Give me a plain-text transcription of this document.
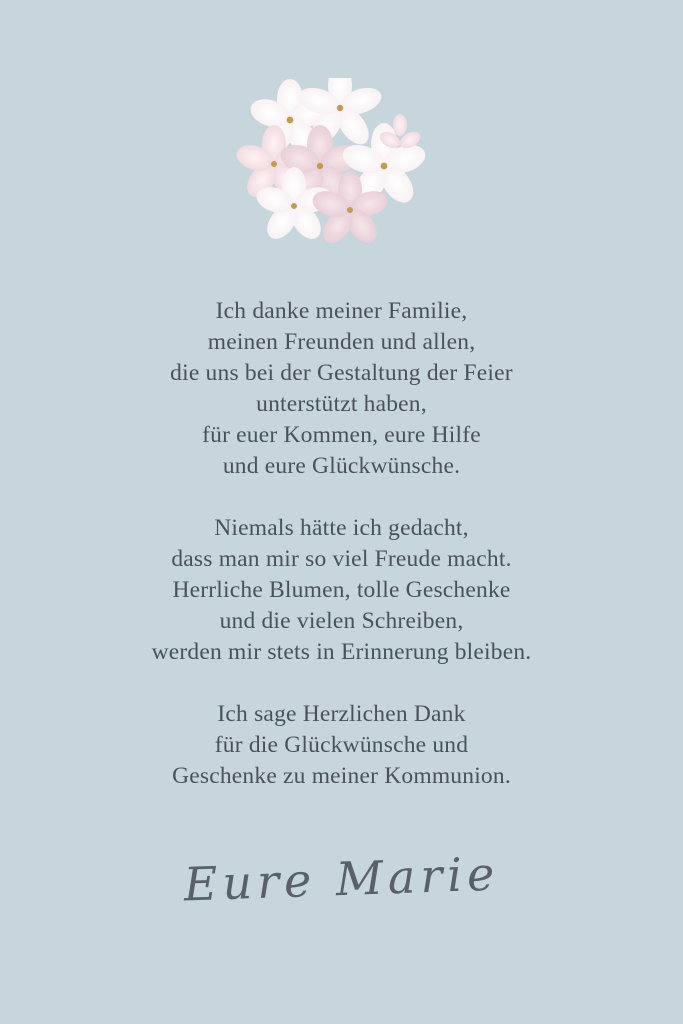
Ich danke meiner Familie,
meinen Freunden und allen,
die uns bei der Gestaltung der Feier
unterstützt haben,
für euer Kommen, eure Hilfe
und eure Glückwünsche.

Niemals hätte ich gedacht,
dass man mir so viel Freude macht.
Herrliche Blumen, tolle Geschenke
und die vielen Schreiben,
werden mir stets in Erinnerung bleiben.

Ich sage Herzlichen Dank
für die Glückwünsche und
Geschenke zu meiner Kommunion.

Eure Marie
